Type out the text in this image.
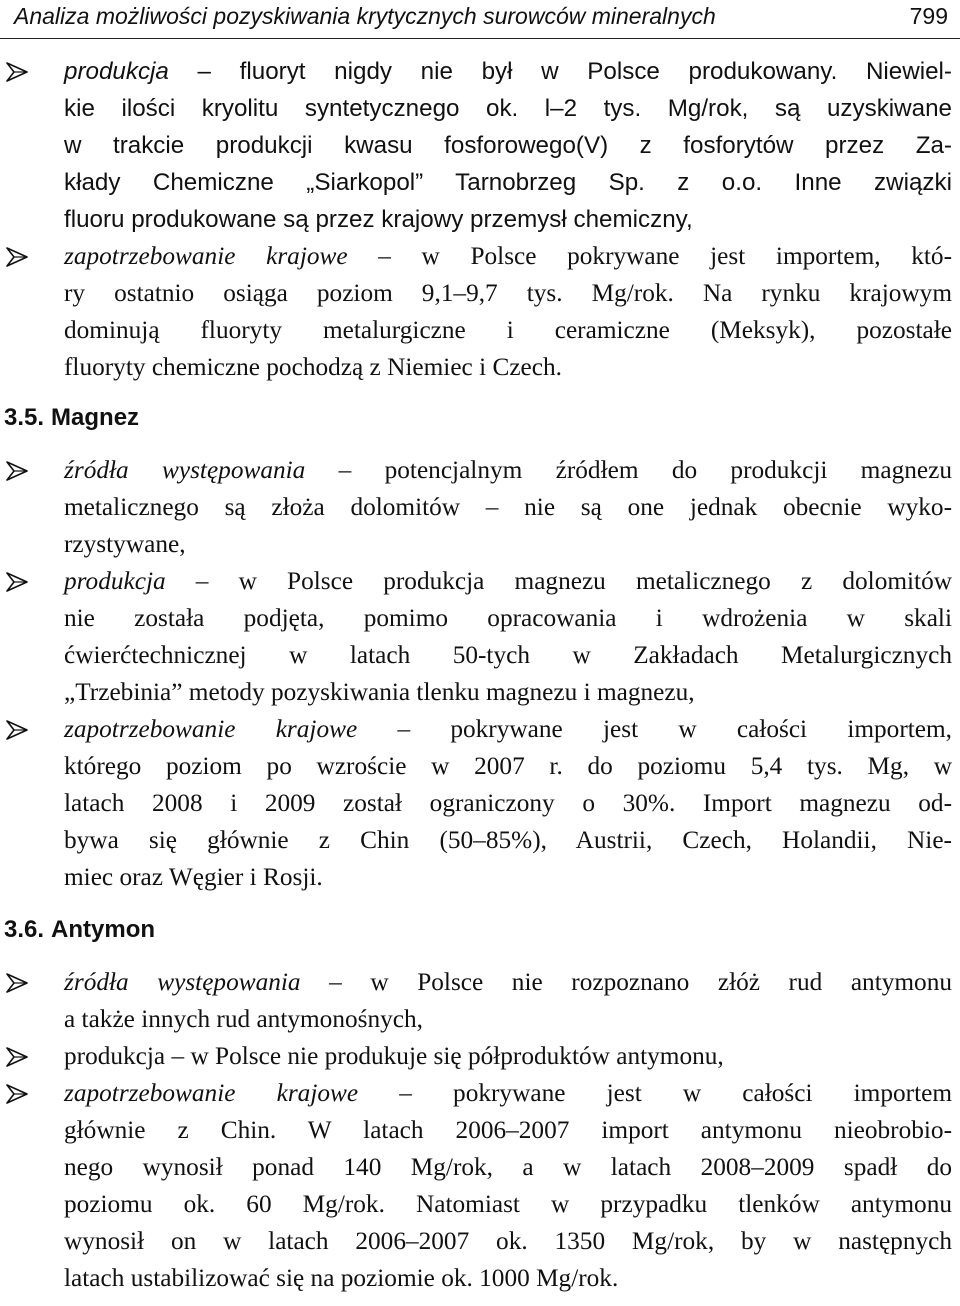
Analiza możliwości pozyskiwania krytycznych surowców mineralnych	799
produkcja – fluoryt nigdy nie był w Polsce produkowany. Niewiel-
kie ilości kryolitu syntetycznego ok. l–2 tys. Mg/rok, są uzyskiwane
w trakcie produkcji kwasu fosforowego(V) z fosforytów przez Za-
kłady Chemiczne „Siarkopol” Tarnobrzeg Sp. z o.o. Inne związki
fluoru produkowane są przez krajowy przemysł chemiczny,
zapotrzebowanie krajowe – w Polsce pokrywane jest importem, któ-
ry ostatnio osiąga poziom 9,1–9,7 tys. Mg/rok. Na rynku krajowym
dominują fluoryty metalurgiczne i ceramiczne (Meksyk), pozostałe
fluoryty chemiczne pochodzą z Niemiec i Czech.
3.5. Magnez
źródła występowania – potencjalnym źródłem do produkcji magnezu
metalicznego są złoża dolomitów – nie są one jednak obecnie wyko-
rzystywane,
produkcja – w Polsce produkcja magnezu metalicznego z dolomitów
nie została podjęta, pomimo opracowania i wdrożenia w skali
ćwierćtechnicznej w latach 50-tych w Zakładach Metalurgicznych
„Trzebinia” metody pozyskiwania tlenku magnezu i magnezu,
zapotrzebowanie krajowe – pokrywane jest w całości importem,
którego poziom po wzroście w 2007 r. do poziomu 5,4 tys. Mg, w
latach 2008 i 2009 został ograniczony o 30%. Import magnezu od-
bywa się głównie z Chin (50–85%), Austrii, Czech, Holandii, Nie-
miec oraz Węgier i Rosji.
3.6. Antymon
źródła występowania – w Polsce nie rozpoznano złóż rud antymonu
a także innych rud antymonośnych,
produkcja – w Polsce nie produkuje się półproduktów antymonu,
zapotrzebowanie krajowe – pokrywane jest w całości importem
głównie z Chin. W latach 2006–2007 import antymonu nieobrobio-
nego wynosił ponad 140 Mg/rok, a w latach 2008–2009 spadł do
poziomu ok. 60 Mg/rok. Natomiast w przypadku tlenków antymonu
wynosił on w latach 2006–2007 ok. 1350 Mg/rok, by w następnych
latach ustabilizować się na poziomie ok. 1000 Mg/rok.
